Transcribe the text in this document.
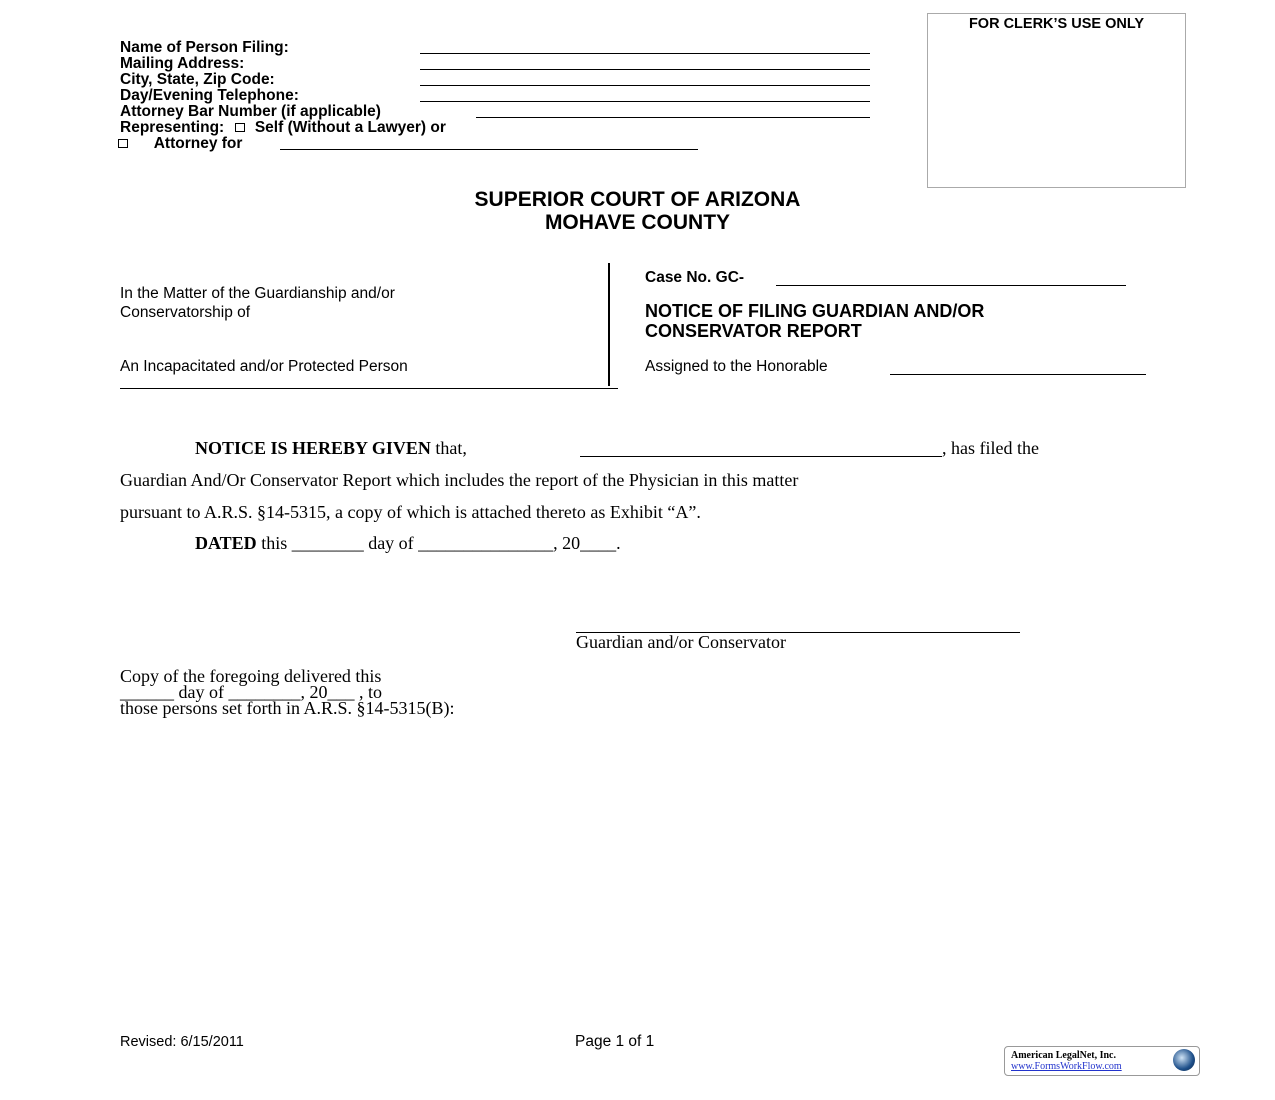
Name of Person Filing:
Mailing Address:
City, State, Zip Code:
Day/Evening Telephone:
Attorney Bar Number (if applicable)
Representing: Self (Without a Lawyer) or
Attorney for
FOR CLERK’S USE ONLY
SUPERIOR COURT OF ARIZONA
MOHAVE COUNTY
In the Matter of the Guardianship and/or
Conservatorship of
An Incapacitated and/or Protected Person
Case No. GC-
NOTICE OF FILING GUARDIAN AND/OR
CONSERVATOR REPORT
Assigned to the Honorable
NOTICE IS HEREBY GIVEN that,	, has filed the
Guardian And/Or Conservator Report which includes the report of the Physician in this matter
pursuant to A.R.S. §14-5315, a copy of which is attached thereto as Exhibit “A”.
DATED this ________ day of _______________, 20____.
Guardian and/or Conservator
Copy of the foregoing delivered this
______ day of ________, 20___ , to
those persons set forth in A.R.S. §14-5315(B):
Revised: 6/15/2011	Page 1 of 1
American LegalNet, Inc.
www.FormsWorkFlow.com
